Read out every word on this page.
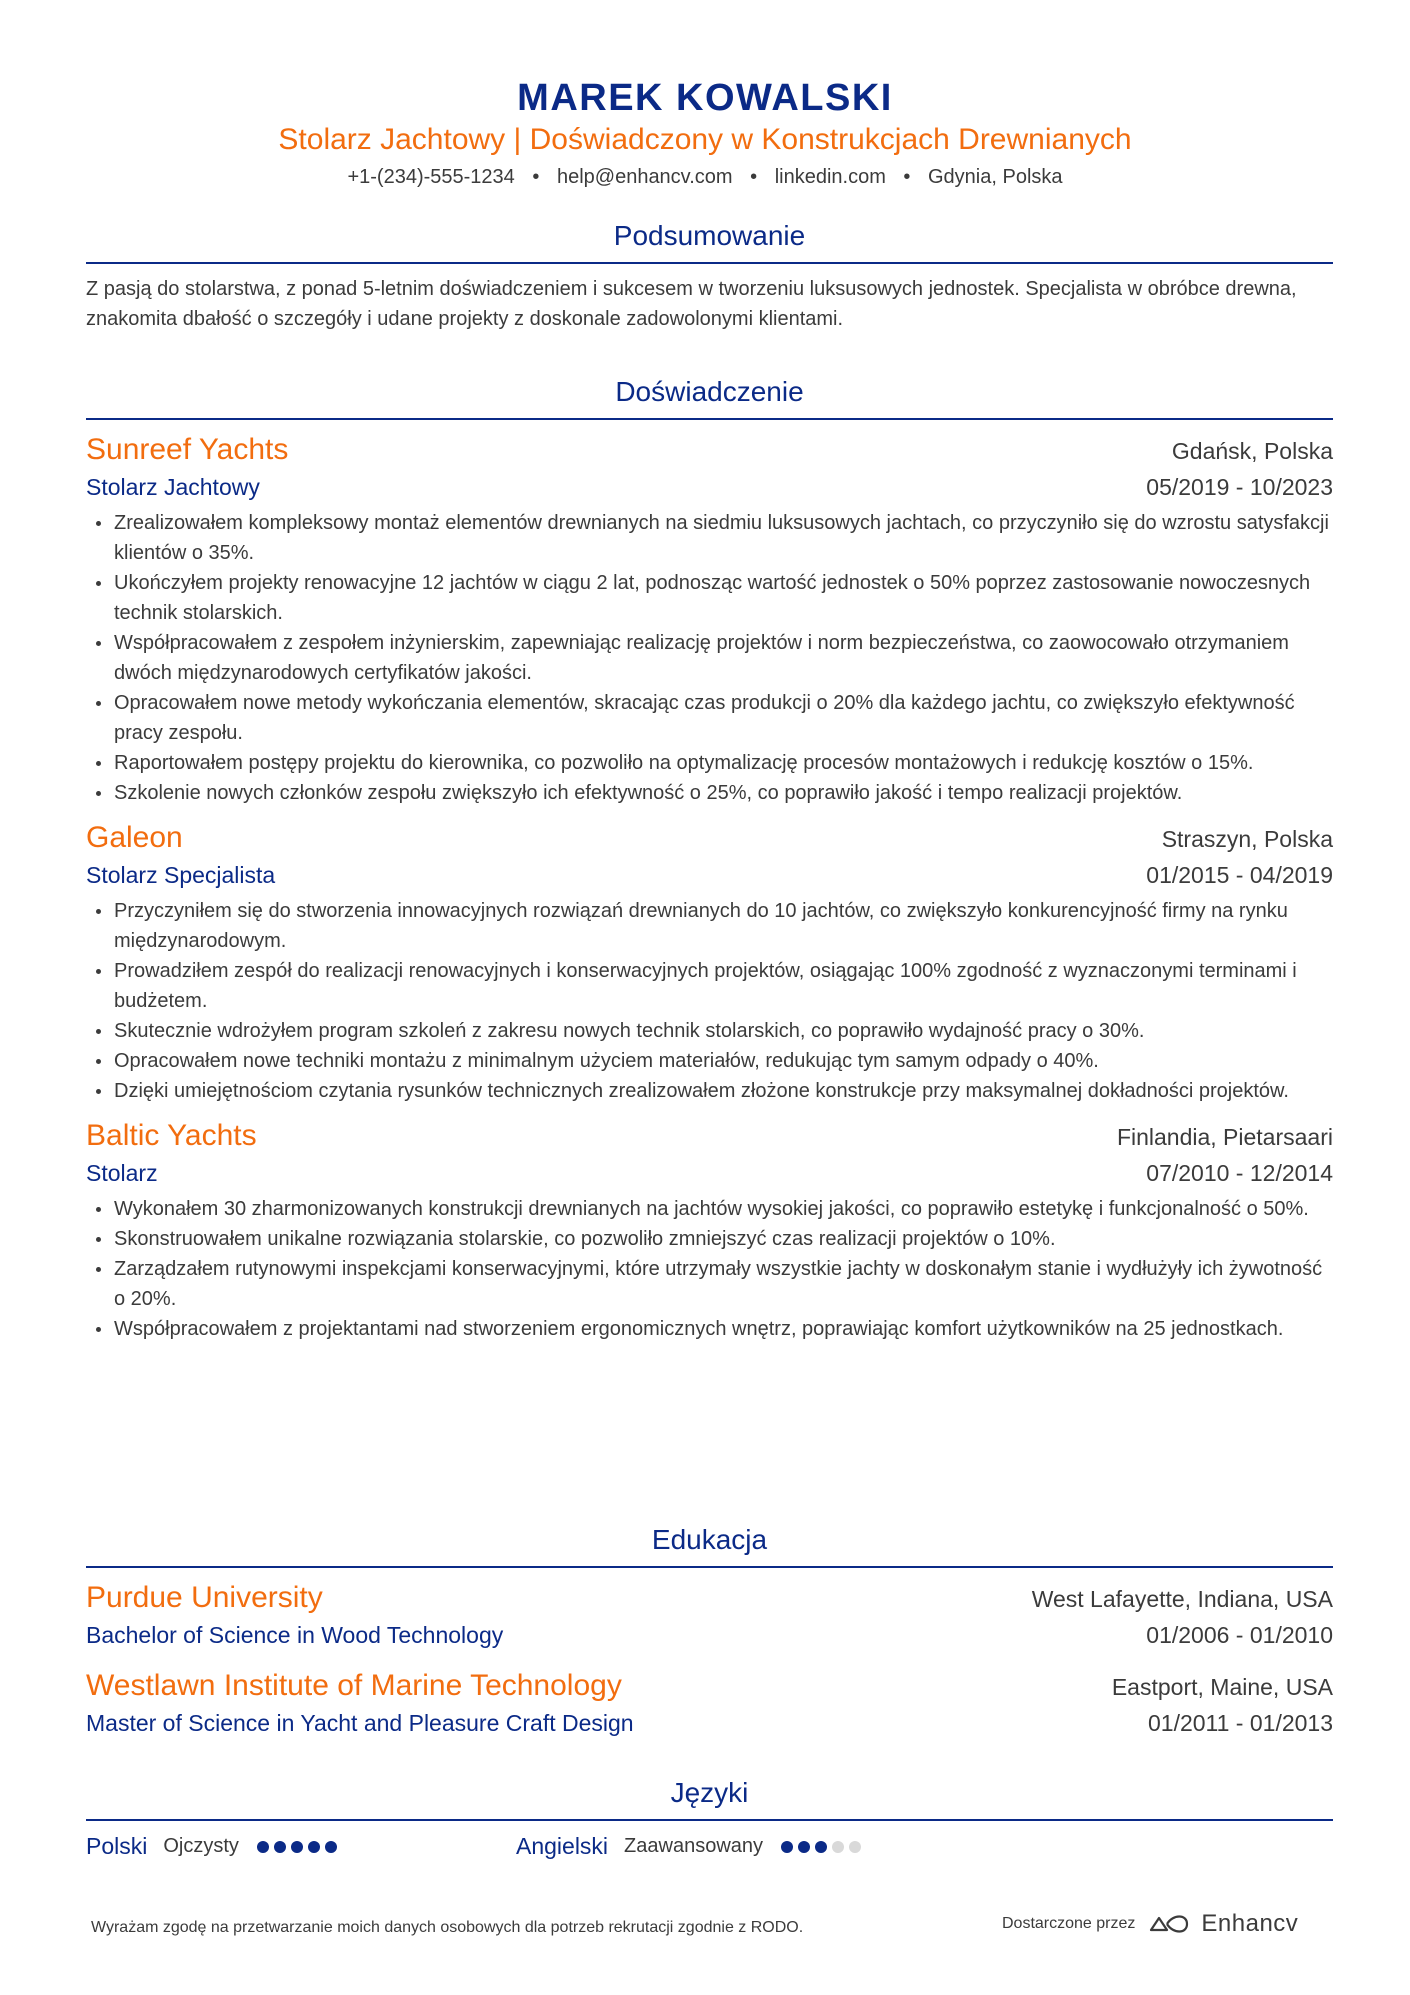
MAREK KOWALSKI
Stolarz Jachtowy | Doświadczony w Konstrukcjach Drewnianych
+1-(234)-555-1234 • help@enhancv.com • linkedin.com • Gdynia, Polska
Podsumowanie
Z pasją do stolarstwa, z ponad 5-letnim doświadczeniem i sukcesem w tworzeniu luksusowych jednostek. Specjalista w obróbce drewna, znakomita dbałość o szczegóły i udane projekty z doskonale zadowolonymi klientami.
Doświadczenie
Sunreef Yachts	Gdańsk, Polska
Stolarz Jachtowy	05/2019 - 10/2023
Zrealizowałem kompleksowy montaż elementów drewnianych na siedmiu luksusowych jachtach, co przyczyniło się do wzrostu satysfakcji klientów o 35%.
Ukończyłem projekty renowacyjne 12 jachtów w ciągu 2 lat, podnosząc wartość jednostek o 50% poprzez zastosowanie nowoczesnych technik stolarskich.
Współpracowałem z zespołem inżynierskim, zapewniając realizację projektów i norm bezpieczeństwa, co zaowocowało otrzymaniem dwóch międzynarodowych certyfikatów jakości.
Opracowałem nowe metody wykończania elementów, skracając czas produkcji o 20% dla każdego jachtu, co zwiększyło efektywność pracy zespołu.
Raportowałem postępy projektu do kierownika, co pozwoliło na optymalizację procesów montażowych i redukcję kosztów o 15%.
Szkolenie nowych członków zespołu zwiększyło ich efektywność o 25%, co poprawiło jakość i tempo realizacji projektów.
Galeon	Straszyn, Polska
Stolarz Specjalista	01/2015 - 04/2019
Przyczyniłem się do stworzenia innowacyjnych rozwiązań drewnianych do 10 jachtów, co zwiększyło konkurencyjność firmy na rynku międzynarodowym.
Prowadziłem zespół do realizacji renowacyjnych i konserwacyjnych projektów, osiągając 100% zgodność z wyznaczonymi terminami i budżetem.
Skutecznie wdrożyłem program szkoleń z zakresu nowych technik stolarskich, co poprawiło wydajność pracy o 30%.
Opracowałem nowe techniki montażu z minimalnym użyciem materiałów, redukując tym samym odpady o 40%.
Dzięki umiejętnościom czytania rysunków technicznych zrealizowałem złożone konstrukcje przy maksymalnej dokładności projektów.
Baltic Yachts	Finlandia, Pietarsaari
Stolarz	07/2010 - 12/2014
Wykonałem 30 zharmonizowanych konstrukcji drewnianych na jachtów wysokiej jakości, co poprawiło estetykę i funkcjonalność o 50%.
Skonstruowałem unikalne rozwiązania stolarskie, co pozwoliło zmniejszyć czas realizacji projektów o 10%.
Zarządzałem rutynowymi inspekcjami konserwacyjnymi, które utrzymały wszystkie jachty w doskonałym stanie i wydłużyły ich żywotność o 20%.
Współpracowałem z projektantami nad stworzeniem ergonomicznych wnętrz, poprawiając komfort użytkowników na 25 jednostkach.
Edukacja
Purdue University	West Lafayette, Indiana, USA
Bachelor of Science in Wood Technology	01/2006 - 01/2010
Westlawn Institute of Marine Technology	Eastport, Maine, USA
Master of Science in Yacht and Pleasure Craft Design	01/2011 - 01/2013
Języki
Polski Ojczysty	Angielski Zaawansowany
Wyrażam zgodę na przetwarzanie moich danych osobowych dla potrzeb rekrutacji zgodnie z RODO.	Dostarczone przez	Enhancv
